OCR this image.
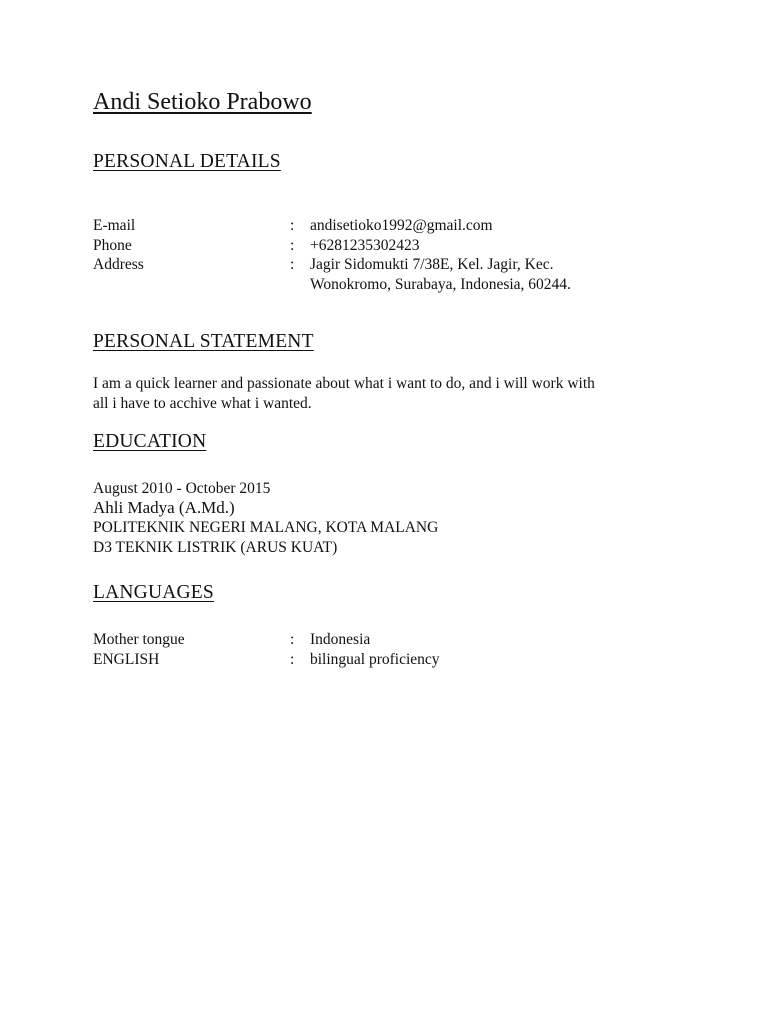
Andi Setioko Prabowo
PERSONAL DETAILS
E-mail	: andisetioko1992@gmail.com
Phone	: +6281235302423
Address	: Jagir Sidomukti 7/38E, Kel. Jagir, Kec.
Wonokromo, Surabaya, Indonesia, 60244.
PERSONAL STATEMENT
I am a quick learner and passionate about what i want to do, and i will work with
all i have to acchive what i wanted.
EDUCATION
August 2010 - October 2015
Ahli Madya (A.Md.)
POLITEKNIK NEGERI MALANG, KOTA MALANG
D3 TEKNIK LISTRIK (ARUS KUAT)
LANGUAGES
Mother tongue	: Indonesia
ENGLISH	: bilingual proficiency
